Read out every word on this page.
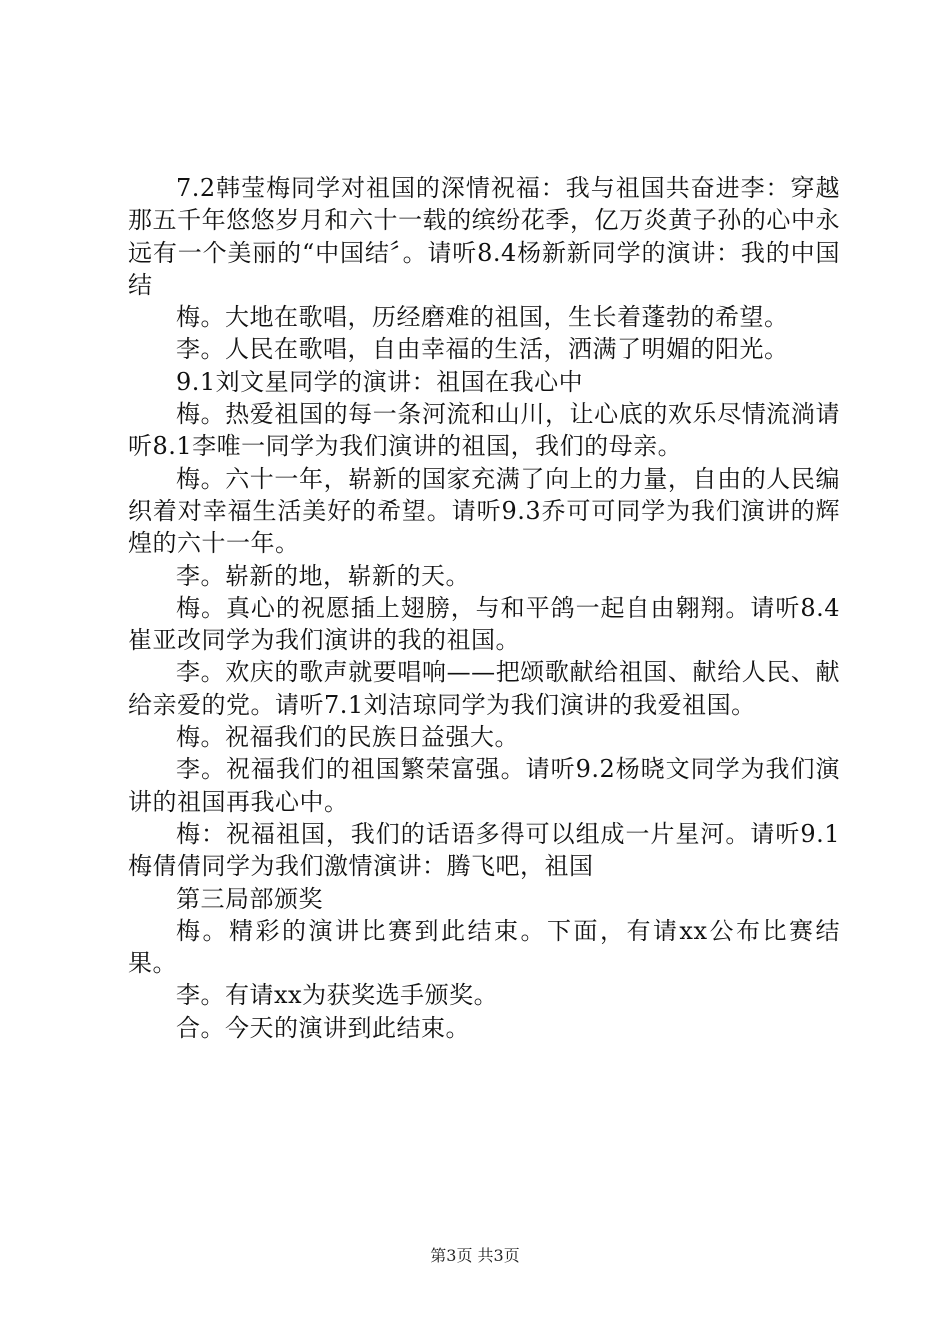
7.2韩莹梅同学对祖国的深情祝福：我与祖国共奋进李：穿越那五千年悠悠岁月和六十一载的缤纷花季，亿万炎黄子孙的心中永远有一个美丽的“中国结〞。请听8.4杨新新同学的演讲：我的中国结

梅。大地在歌唱，历经磨难的祖国，生长着蓬勃的希望。

李。人民在歌唱，自由幸福的生活，洒满了明媚的阳光。

9.1刘文星同学的演讲：祖国在我心中

梅。热爱祖国的每一条河流和山川，让心底的欢乐尽情流淌请听8.1李唯一同学为我们演讲的祖国，我们的母亲。

梅。六十一年，崭新的国家充满了向上的力量，自由的人民编织着对幸福生活美好的希望。请听9.3乔可可同学为我们演讲的辉煌的六十一年。

李。崭新的地，崭新的天。

梅。真心的祝愿插上翅膀，与和平鸽一起自由翱翔。请听8.4崔亚改同学为我们演讲的我的祖国。

李。欢庆的歌声就要唱响——把颂歌献给祖国、献给人民、献给亲爱的党。请听7.1刘洁琼同学为我们演讲的我爱祖国。

梅。祝福我们的民族日益强大。

李。祝福我们的祖国繁荣富强。请听9.2杨晓文同学为我们演讲的祖国再我心中。

梅：祝福祖国，我们的话语多得可以组成一片星河。请听9.1梅倩倩同学为我们激情演讲：腾飞吧，祖国

第三局部颁奖

梅。精彩的演讲比赛到此结束。下面，有请xx公布比赛结果。

李。有请xx为获奖选手颁奖。

合。今天的演讲到此结束。

第3页 共3页
